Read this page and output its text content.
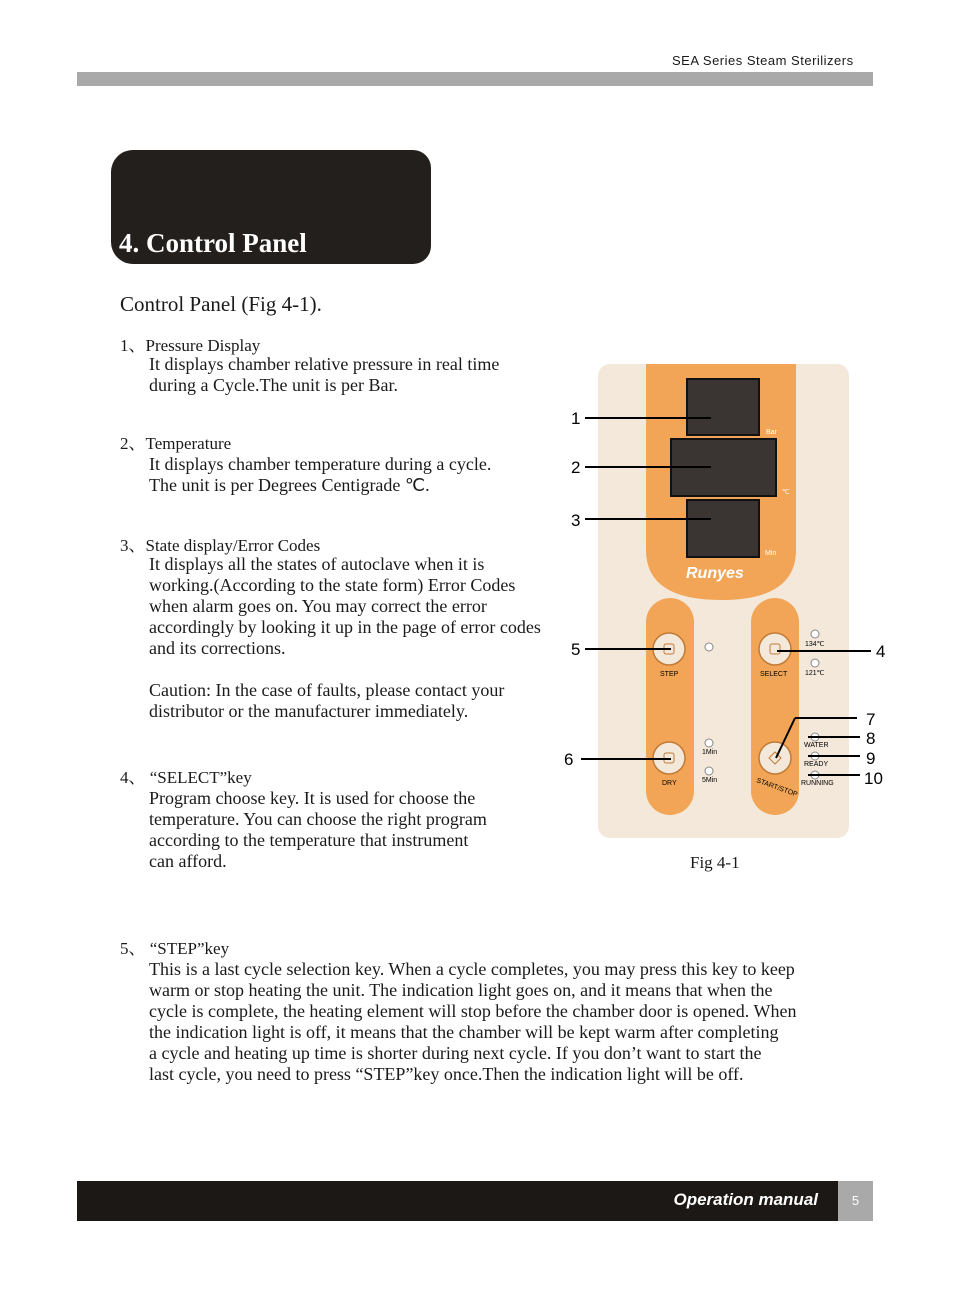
SEA Series Steam Sterilizers
4. Control Panel
Control Panel (Fig 4-1).
1、Pressure Display
It displays chamber relative pressure in real time
during a Cycle.The unit is per Bar.
2、Temperature
It displays chamber temperature during a cycle.
The unit is per Degrees Centigrade ℃.
3、State display/Error Codes
It displays all the states of autoclave when it is
working.(According to the state form) Error Codes
when alarm goes on. You may correct the error
accordingly by looking it up in the page of error codes
and its corrections.
Caution: In the case of faults, please contact your
distributor or the manufacturer immediately.
4、 “SELECT”key
Program choose key. It is used for choose the
temperature. You can choose the right program
according to the temperature that instrument
can afford.
5、 “STEP”key
This is a last cycle selection key. When a cycle completes, you may press this key to keep
warm or stop heating the unit. The indication light goes on, and it means that when the
cycle is complete, the heating element will stop before the chamber door is opened. When
the indication light is off, it means that the chamber will be kept warm after completing
a cycle and heating up time is shorter during next cycle. If you don’t want to start the
last cycle, you need to press “STEP”key once.Then the indication light will be off.
Bar
℃
Min
Runyes
STEP	SELECT
DRY	START/STOP
134℃
121℃
1Min
5Min
WATER
READY
RUNNING
1
2
3
4
5
6
7
8
9
10
Fig 4-1
Operation manual	5
